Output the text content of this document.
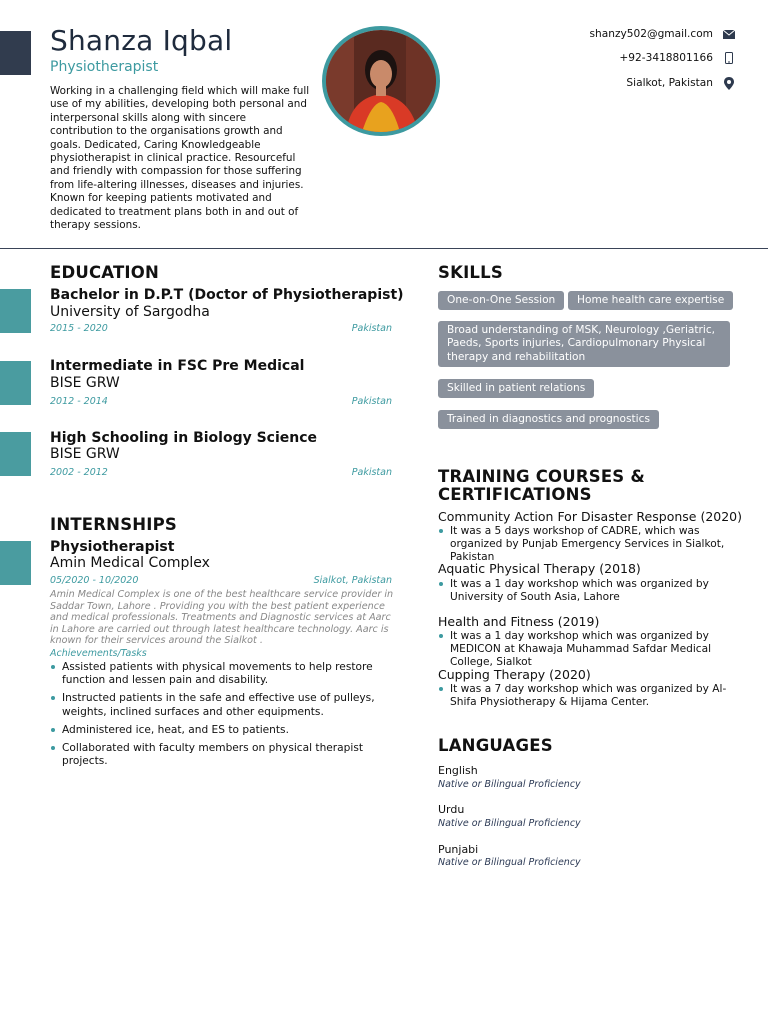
Shanza Iqbal
Physiotherapist
Working in a challenging field which will make full use of my abilities, developing both personal and interpersonal skills along with sincere contribution to the organisations growth and goals. Dedicated, Caring Knowledgeable physiotherapist in clinical practice. Resourceful and friendly with compassion for those suffering from life-altering illnesses, diseases and injuries. Known for keeping patients motivated and dedicated to treatment plans both in and out of therapy sessions.
shanzy502@gmail.com
+92-3418801166
Sialkot, Pakistan
EDUCATION
Bachelor in D.P.T (Doctor of Physiotherapist)
University of Sargodha
2015 - 2020	Pakistan
Intermediate in FSC Pre Medical
BISE GRW
2012 - 2014	Pakistan
High Schooling in Biology Science
BISE GRW
2002 - 2012	Pakistan
INTERNSHIPS
Physiotherapist
Amin Medical Complex
05/2020 - 10/2020	Sialkot, Pakistan
Amin Medical Complex is one of the best healthcare service provider in Saddar Town, Lahore . Providing you with the best patient experience and medical professionals. Treatments and Diagnostic services at Aarc in Lahore are carried out through latest healthcare technology. Aarc is known for their services around the Sialkot .
Achievements/Tasks
Assisted patients with physical movements to help restore function and lessen pain and disability.
Instructed patients in the safe and effective use of pulleys, weights, inclined surfaces and other equipments.
Administered ice, heat, and ES to patients.
Collaborated with faculty members on physical therapist projects.
SKILLS
One-on-One Session	Home health care expertise
Broad understanding of MSK, Neurology ,Geriatric, Paeds, Sports injuries, Cardiopulmonary Physical therapy and rehabilitation
Skilled in patient relations
Trained in diagnostics and prognostics
TRAINING COURSES &
CERTIFICATIONS
Community Action For Disaster Response (2020)
It was a 5 days workshop of CADRE, which was organized by Punjab Emergency Services in Sialkot, Pakistan
Aquatic Physical Therapy (2018)
It was a 1 day workshop which was organized by University of South Asia, Lahore
Health and Fitness (2019)
It was a 1 day workshop which was organized by MEDICON at Khawaja Muhammad Safdar Medical College, Sialkot
Cupping Therapy (2020)
It was a 7 day workshop which was organized by Al-Shifa Physiotherapy & Hijama Center.
LANGUAGES
English
Native or Bilingual Proficiency
Urdu
Native or Bilingual Proficiency
Punjabi
Native or Bilingual Proficiency
